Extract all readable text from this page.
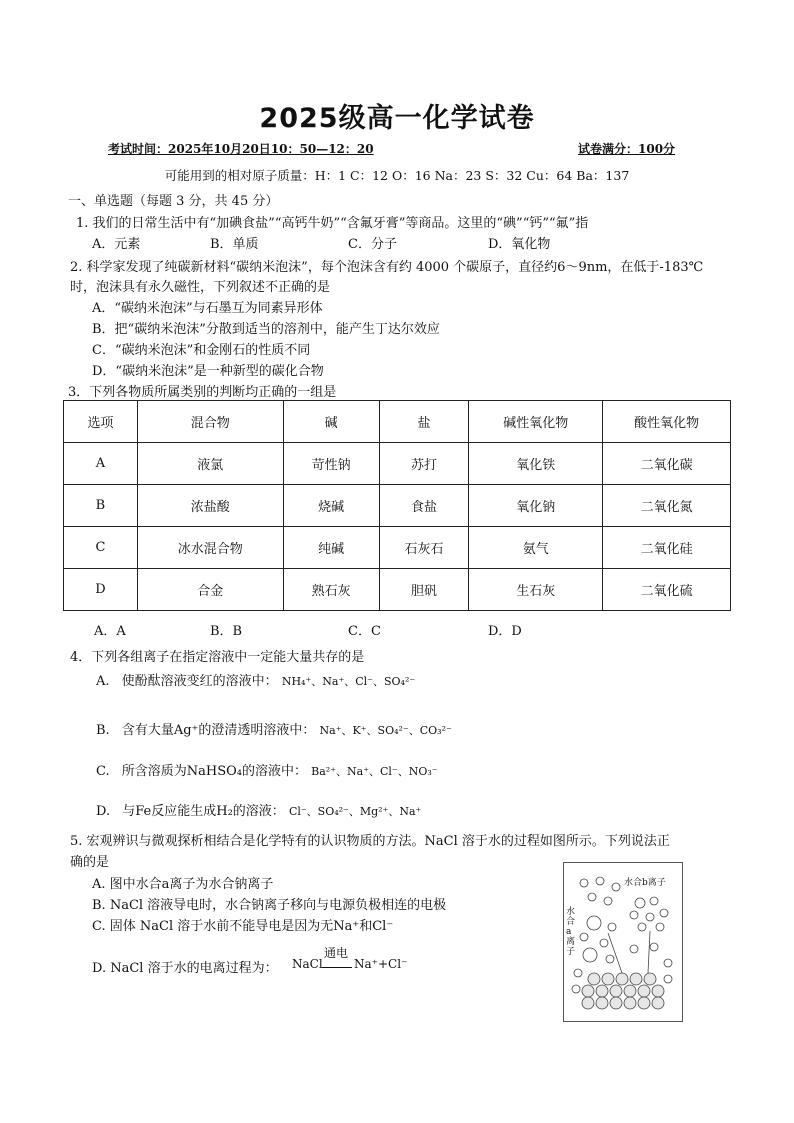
2025级高一化学试卷
考试时间：2025年10月20日10：50—12：20	试卷满分：100分
可能用到的相对原子质量：H：1 C：12 O：16 Na：23 S：32 Cu：64 Ba：137
一、单选题（每题 3 分，共 45 分）
1. 我们的日常生活中有“加碘食盐”“高钙牛奶”“含氟牙膏”等商品。这里的“碘”“钙”“氟”指
A．元素	B．单质	C．分子	D．氧化物
2. 科学家发现了纯碳新材料“碳纳米泡沫”，每个泡沫含有约 4000 个碳原子，直径约6～9nm，在低于-183℃
时，泡沫具有永久磁性，下列叙述不正确的是
A．“碳纳米泡沫”与石墨互为同素异形体
B．把“碳纳米泡沫”分散到适当的溶剂中，能产生丁达尔效应
C．“碳纳米泡沫”和金刚石的性质不同
D．“碳纳米泡沫”是一种新型的碳化合物
3．下列各物质所属类别的判断均正确的一组是
选项	混合物	碱	盐	碱性氧化物	酸性氧化物
A	液氯	苛性钠	苏打	氧化铁	二氧化碳
B	浓盐酸	烧碱	食盐	氧化钠	二氧化氮
C	冰水混合物	纯碱	石灰石	氨气	二氧化硅
D	合金	熟石灰	胆矾	生石灰	二氧化硫
A．A	B．B	C．C	D．D
4．下列各组离子在指定溶液中一定能大量共存的是
A. 使酚酞溶液变红的溶液中： NH₄⁺、Na⁺、Cl⁻、SO₄²⁻
B. 含有大量Ag⁺的澄清透明溶液中： Na⁺、K⁺、SO₄²⁻、CO₃²⁻
C. 所含溶质为NaHSO₄的溶液中： Ba²⁺、Na⁺、Cl⁻、NO₃⁻
D. 与Fe反应能生成H₂的溶液： Cl⁻、SO₄²⁻、Mg²⁺、Na⁺
5. 宏观辨识与微观探析相结合是化学特有的认识物质的方法。NaCl 溶于水的过程如图所示。下列说法正
确的是
A. 图中水合a离子为水合钠离子
B. NaCl 溶液导电时，水合钠离子移向与电源负极相连的电极
C. 固体 NaCl 溶于水前不能导电是因为无Na⁺和Cl⁻
D. NaCl 溶于水的电离过程为： NaCl
通电
Na⁺+Cl⁻
水合b离子
水合a离子
